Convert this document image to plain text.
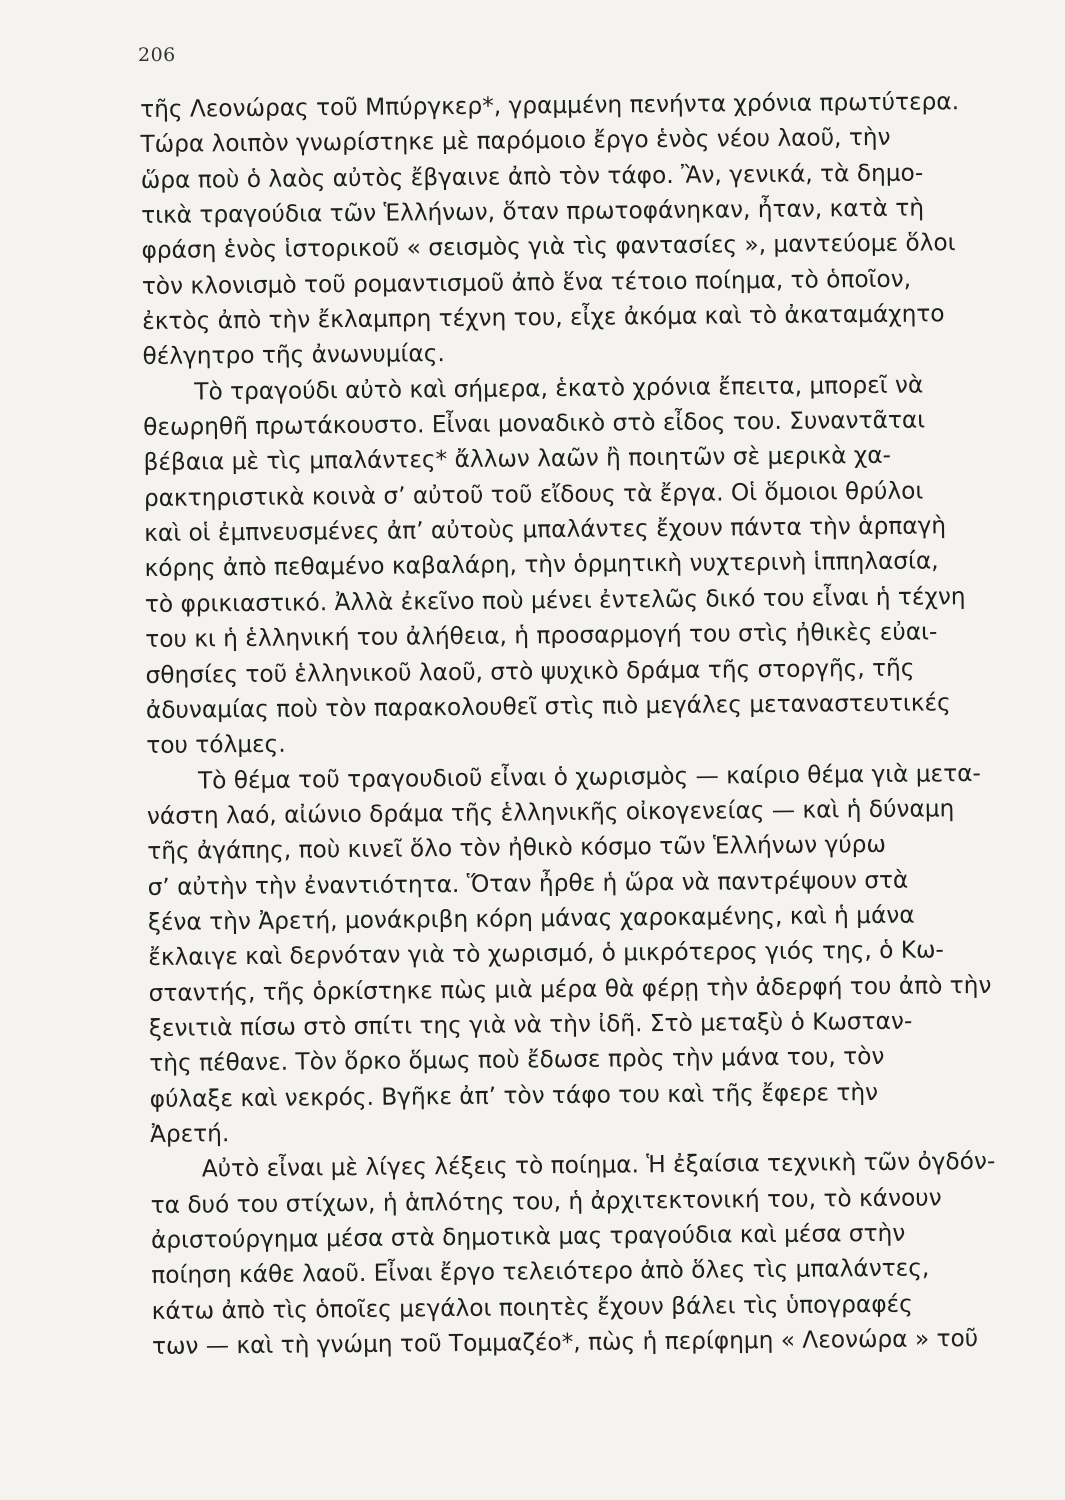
206
τῆς Λεονώρας τοῦ Μπύργκερ*, γραμμένη πενήντα χρόνια πρωτύτερα.
Τώρα λοιπὸν γνωρίστηκε μὲ παρόμοιο ἔργο ἑνὸς νέου λαοῦ, τὴν
ὥρα ποὺ ὁ λαὸς αὐτὸς ἔβγαινε ἀπὸ τὸν τάφο. Ἂν, γενικά, τὰ δημο-
τικὰ τραγούδια τῶν Ἑλλήνων, ὅταν πρωτοφάνηκαν, ἦταν, κατὰ τὴ
φράση ἑνὸς ἱστορικοῦ « σεισμὸς γιὰ τὶς φαντασίες », μαντεύομε ὅλοι
τὸν κλονισμὸ τοῦ ρομαντισμοῦ ἀπὸ ἕνα τέτοιο ποίημα, τὸ ὁποῖον,
ἐκτὸς ἀπὸ τὴν ἔκλαμπρη τέχνη του, εἶχε ἀκόμα καὶ τὸ ἀκαταμάχητο
θέλγητρο τῆς ἀνωνυμίας.
Τὸ τραγούδι αὐτὸ καὶ σήμερα, ἑκατὸ χρόνια ἔπειτα, μπορεῖ νὰ
θεωρηθῆ πρωτάκουστο. Εἶναι μοναδικὸ στὸ εἶδος του. Συναντᾶται
βέβαια μὲ τὶς μπαλάντες* ἄλλων λαῶν ἢ ποιητῶν σὲ μερικὰ χα-
ρακτηριστικὰ κοινὰ σ’ αὐτοῦ τοῦ εἴδους τὰ ἔργα. Οἱ ὅμοιοι θρύλοι
καὶ οἱ ἐμπνευσμένες ἀπ’ αὐτοὺς μπαλάντες ἔχουν πάντα τὴν ἁρπαγὴ
κόρης ἀπὸ πεθαμένο καβαλάρη, τὴν ὁρμητικὴ νυχτερινὴ ἱππηλασία,
τὸ φρικιαστικό. Ἀλλὰ ἐκεῖνο ποὺ μένει ἐντελῶς δικό του εἶναι ἡ τέχνη
του κι ἡ ἑλληνική του ἀλήθεια, ἡ προσαρμογή του στὶς ἠθικὲς εὐαι-
σθησίες τοῦ ἑλληνικοῦ λαοῦ, στὸ ψυχικὸ δράμα τῆς στοργῆς, τῆς
ἀδυναμίας ποὺ τὸν παρακολουθεῖ στὶς πιὸ μεγάλες μεταναστευτικές
του τόλμες.
Τὸ θέμα τοῦ τραγουδιοῦ εἶναι ὁ χωρισμὸς — καίριο θέμα γιὰ μετα-
νάστη λαό, αἰώνιο δράμα τῆς ἑλληνικῆς οἰκογενείας — καὶ ἡ δύναμη
τῆς ἀγάπης, ποὺ κινεῖ ὅλο τὸν ἠθικὸ κόσμο τῶν Ἑλλήνων γύρω
σ’ αὐτὴν τὴν ἐναντιότητα. Ὅταν ἦρθε ἡ ὥρα νὰ παντρέψουν στὰ
ξένα τὴν Ἀρετή, μονάκριβη κόρη μάνας χαροκαμένης, καὶ ἡ μάνα
ἔκλαιγε καὶ δερνόταν γιὰ τὸ χωρισμό, ὁ μικρότερος γιός της, ὁ Κω-
σταντής, τῆς ὁρκίστηκε πὼς μιὰ μέρα θὰ φέρῃ τὴν ἀδερφή του ἀπὸ τὴν
ξενιτιὰ πίσω στὸ σπίτι της γιὰ νὰ τὴν ἰδῆ. Στὸ μεταξὺ ὁ Κωσταν-
τὴς πέθανε. Τὸν ὅρκο ὅμως ποὺ ἔδωσε πρὸς τὴν μάνα του, τὸν
φύλαξε καὶ νεκρός. Βγῆκε ἀπ’ τὸν τάφο του καὶ τῆς ἔφερε τὴν
Ἀρετή.
Αὐτὸ εἶναι μὲ λίγες λέξεις τὸ ποίημα. Ἡ ἐξαίσια τεχνικὴ τῶν ὀγδόν-
τα δυό του στίχων, ἡ ἁπλότης του, ἡ ἀρχιτεκτονική του, τὸ κάνουν
ἀριστούργημα μέσα στὰ δημοτικὰ μας τραγούδια καὶ μέσα στὴν
ποίηση κάθε λαοῦ. Εἶναι ἔργο τελειότερο ἀπὸ ὅλες τὶς μπαλάντες,
κάτω ἀπὸ τὶς ὁποῖες μεγάλοι ποιητὲς ἔχουν βάλει τὶς ὑπογραφές
των — καὶ τὴ γνώμη τοῦ Τομμαζέο*, πὼς ἡ περίφημη « Λεονώρα » τοῦ
